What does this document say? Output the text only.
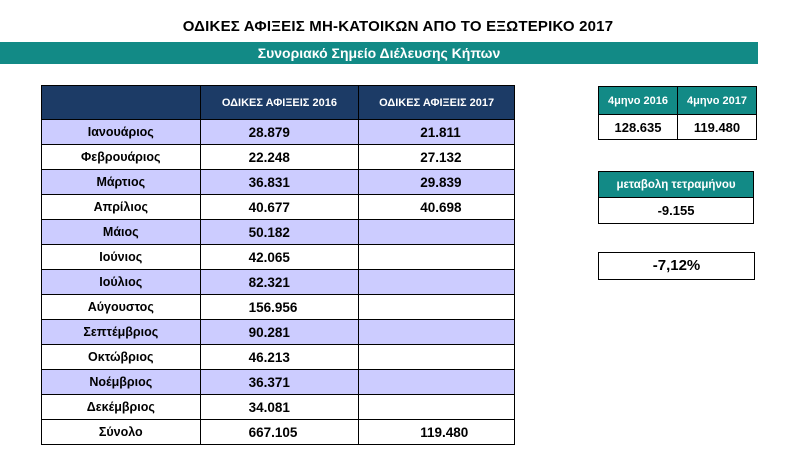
ΟΔΙΚΕΣ ΑΦΙΞΕΙΣ ΜΗ-ΚΑΤΟΙΚΩΝ ΑΠΟ ΤΟ ΕΞΩΤΕΡΙΚΟ 2017
Συνοριακό Σημείο Διέλευσης Κήπων
	ΟΔΙΚΕΣ ΑΦΙΞΕΙΣ 2016	ΟΔΙΚΕΣ ΑΦΙΞΕΙΣ 2017
Ιανουάριος	28.879	21.811
Φεβρουάριος	22.248	27.132
Μάρτιος	36.831	29.839
Απρίλιος	40.677	40.698
Μάιος	50.182	
Ιούνιος	42.065	
Ιούλιος	82.321	
Αύγουστος	156.956	
Σεπτέμβριος	90.281	
Οκτώβριος	46.213	
Νοέμβριος	36.371	
Δεκέμβριος	34.081	
Σύνολο	667.105	119.480
4μηνο 2016	4μηνο 2017
128.635	119.480
μεταβολη τετραμήνου
-9.155
-7,12%
